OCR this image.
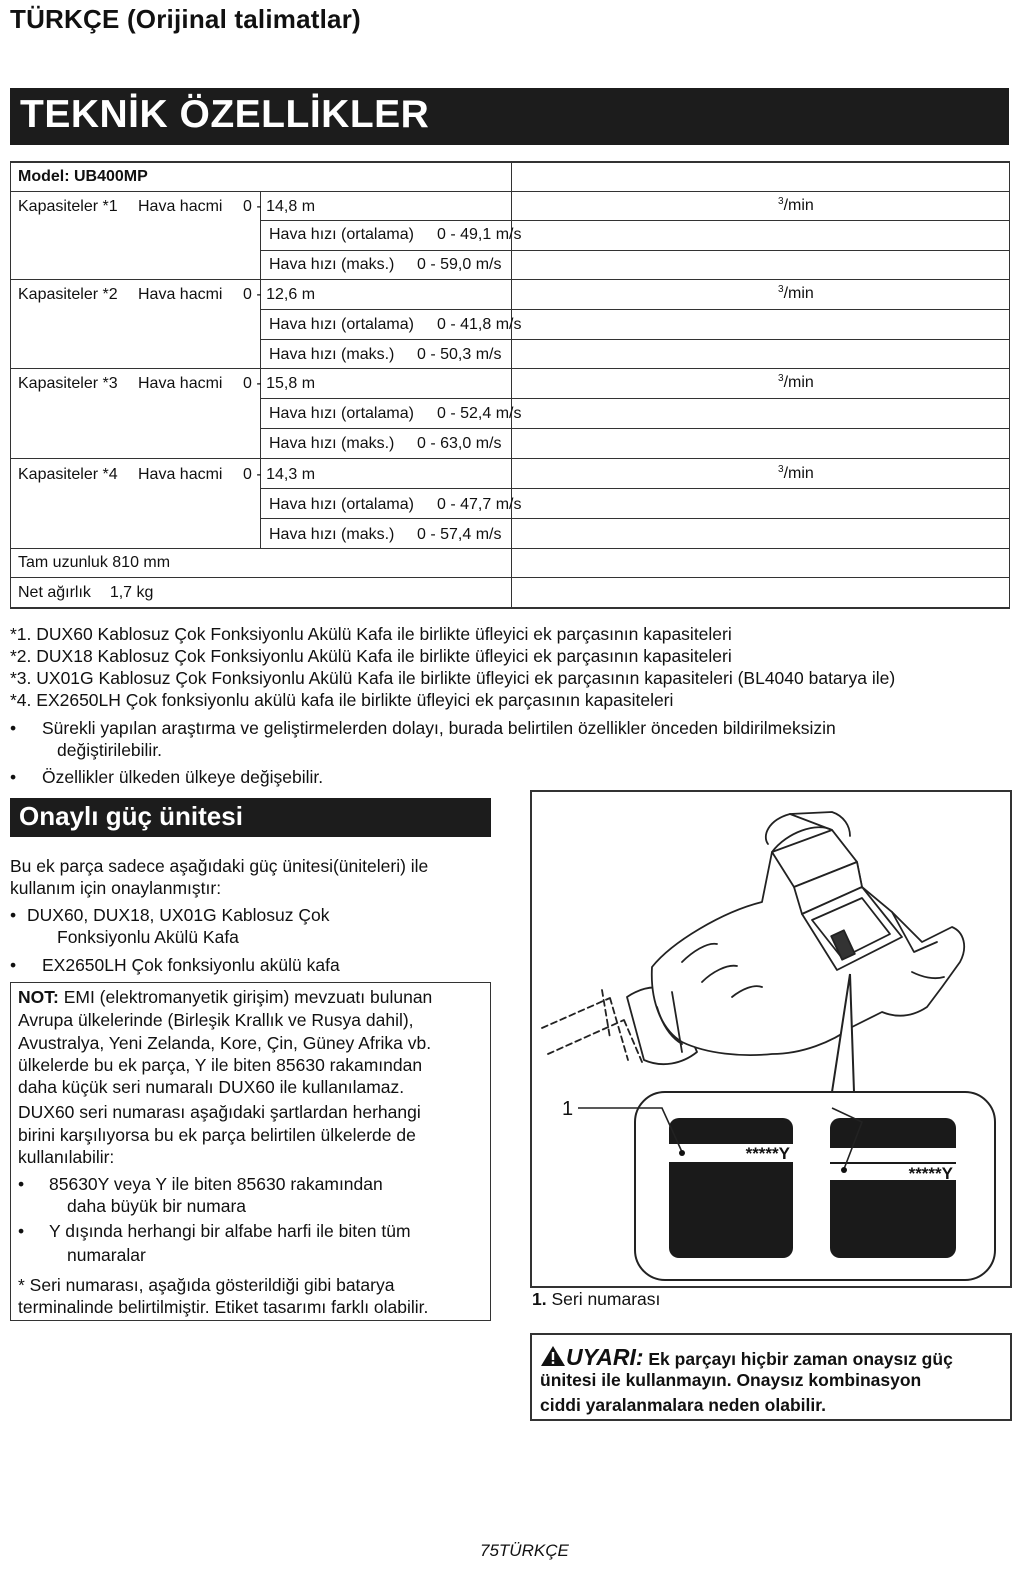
TÜRKÇE (Orijinal talimatlar)
TEKNİK ÖZELLİKLER
Model: UB400MP
Kapasiteler *1 Hava hacmi 0 - 14,8 m	$^3$/min
Hava hızı (ortalama) 0 - 49,1 m/s
Hava hızı (maks.) 0 - 59,0 m/s
Kapasiteler *2 Hava hacmi 0 - 12,6 m	$^3$/min
Hava hızı (ortalama) 0 - 41,8 m/s
Hava hızı (maks.) 0 - 50,3 m/s
Kapasiteler *3 Hava hacmi 0 - 15,8 m	$^3$/min
Hava hızı (ortalama) 0 - 52,4 m/s
Hava hızı (maks.) 0 - 63,0 m/s
Kapasiteler *4 Hava hacmi 0 - 14,3 m	$^3$/min
Hava hızı (ortalama) 0 - 47,7 m/s
Hava hızı (maks.) 0 - 57,4 m/s
Tam uzunluk 810 mm
Net ağırlık 1,7 kg
*1. DUX60 Kablosuz Çok Fonksiyonlu Akülü Kafa ile birlikte üfleyici ek parçasının kapasiteleri
*2. DUX18 Kablosuz Çok Fonksiyonlu Akülü Kafa ile birlikte üfleyici ek parçasının kapasiteleri
*3. UX01G Kablosuz Çok Fonksiyonlu Akülü Kafa ile birlikte üfleyici ek parçasının kapasiteleri (BL4040 batarya ile)
*4. EX2650LH Çok fonksiyonlu akülü kafa ile birlikte üfleyici ek parçasının kapasiteleri
• Sürekli yapılan araştırma ve geliştirmelerden dolayı, burada belirtilen özellikler önceden bildirilmeksizin
değiştirilebilir.
• Özellikler ülkeden ülkeye değişebilir.
Onaylı güç ünitesi
Bu ek parça sadece aşağıdaki güç ünitesi(üniteleri) ile
kullanım için onaylanmıştır:
• DUX60, DUX18, UX01G Kablosuz Çok
Fonksiyonlu Akülü Kafa
• EX2650LH Çok fonksiyonlu akülü kafa
NOT: EMI (elektromanyetik girişim) mevzuatı bulunan
Avrupa ülkelerinde (Birleşik Krallık ve Rusya dahil),
Avustralya, Yeni Zelanda, Kore, Çin, Güney Afrika vb.
ülkelerde bu ek parça, Y ile biten 85630 rakamından
daha küçük seri numaralı DUX60 ile kullanılamaz.
DUX60 seri numarası aşağıdaki şartlardan herhangi
birini karşılıyorsa bu ek parça belirtilen ülkelerde de
kullanılabilir:
• 85630Y veya Y ile biten 85630 rakamından
daha büyük bir numara
• Y dışında herhangi bir alfabe harfi ile biten tüm
numaralar
* Seri numarası, aşağıda gösterildiği gibi batarya
terminalinde belirtilmiştir. Etiket tasarımı farklı olabilir.
*****Y
*****Y
1
1. Seri numarası
UYARI: Ek parçayı hiçbir zaman onaysız güç
ünitesi ile kullanmayın. Onaysız kombinasyon
ciddi yaralanmalara neden olabilir.
75TÜRKÇE
